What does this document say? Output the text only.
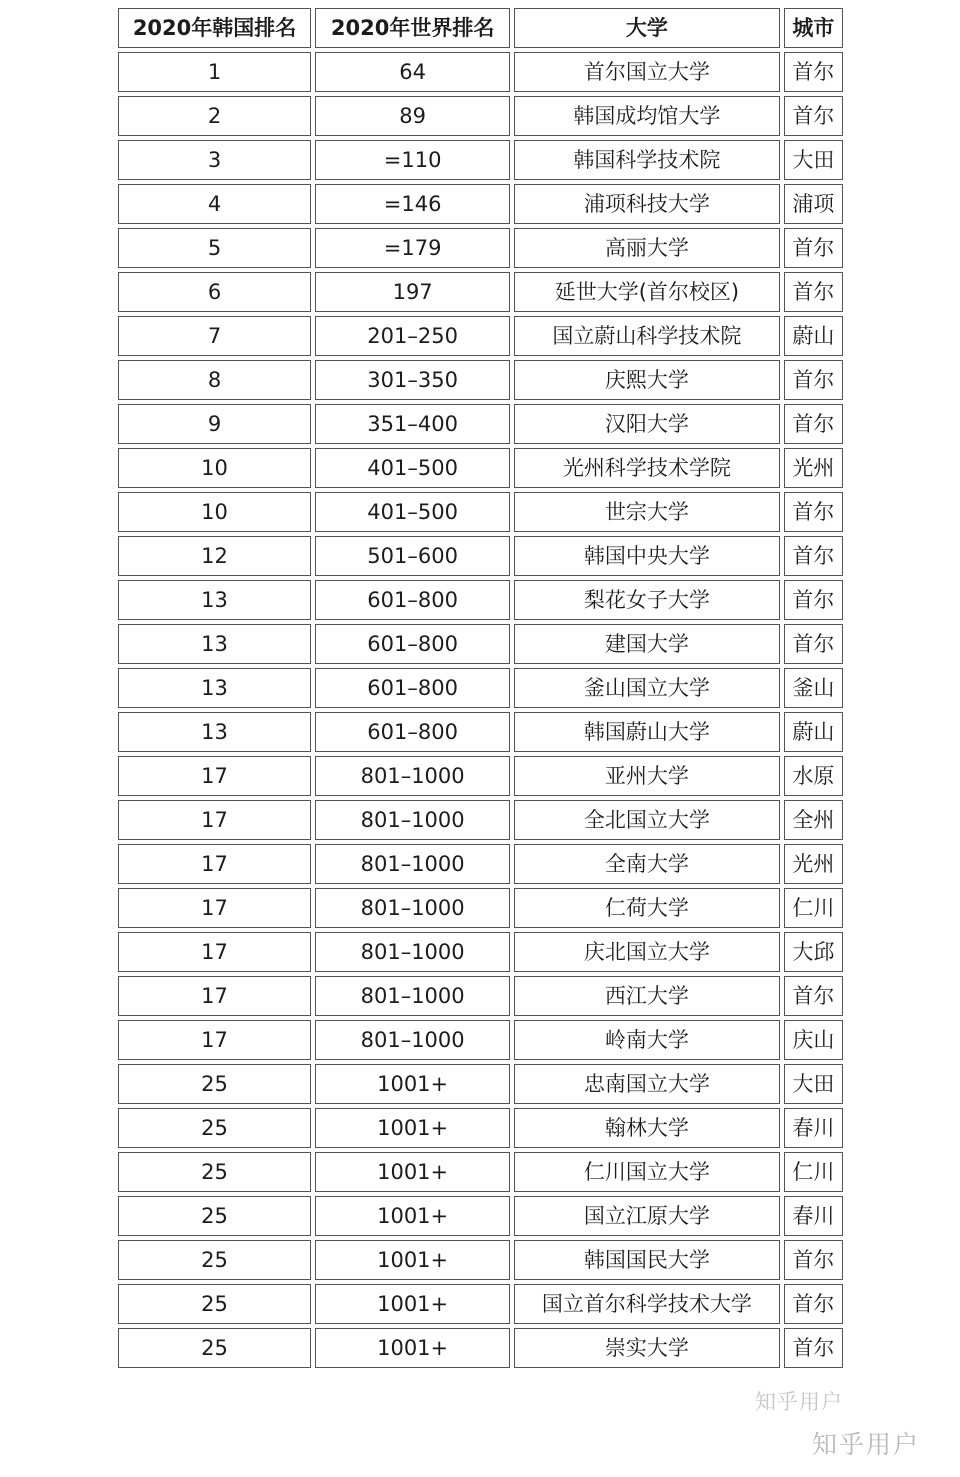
2020年韩国排名	2020年世界排名	大学	城市
1	64	首尔国立大学	首尔
2	89	韩国成均馆大学	首尔
3	=110	韩国科学技术院	大田
4	=146	浦项科技大学	浦项
5	=179	高丽大学	首尔
6	197	延世大学(首尔校区)	首尔
7	201–250	国立蔚山科学技术院	蔚山
8	301–350	庆熙大学	首尔
9	351–400	汉阳大学	首尔
10	401–500	光州科学技术学院	光州
10	401–500	世宗大学	首尔
12	501–600	韩国中央大学	首尔
13	601–800	梨花女子大学	首尔
13	601–800	建国大学	首尔
13	601–800	釜山国立大学	釜山
13	601–800	韩国蔚山大学	蔚山
17	801–1000	亚州大学	水原
17	801–1000	全北国立大学	全州
17	801–1000	全南大学	光州
17	801–1000	仁荷大学	仁川
17	801–1000	庆北国立大学	大邱
17	801–1000	西江大学	首尔
17	801–1000	岭南大学	庆山
25	1001+	忠南国立大学	大田
25	1001+	翰林大学	春川
25	1001+	仁川国立大学	仁川
25	1001+	国立江原大学	春川
25	1001+	韩国国民大学	首尔
25	1001+	国立首尔科学技术大学	首尔
25	1001+	崇实大学	首尔
知乎用户
知乎用户
